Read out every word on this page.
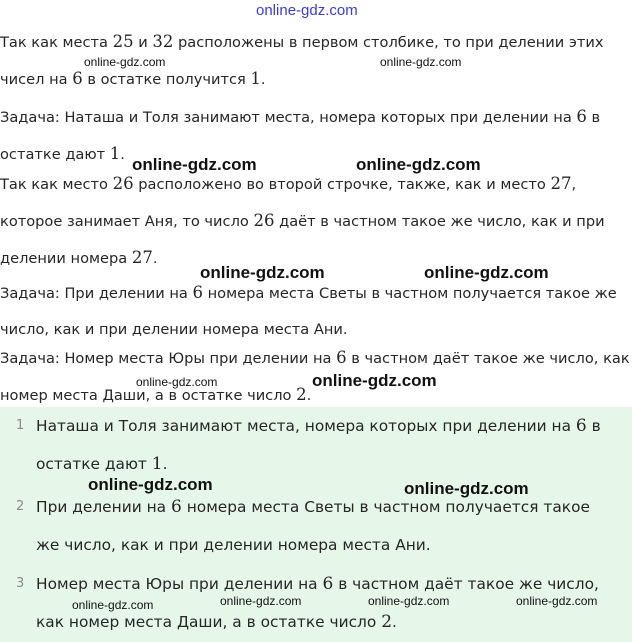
online-gdz.com
Так как места 25 и 32 расположены в первом столбике, то при делении этих
чисел на 6 в остатке получится 1.
Задача: Наташа и Толя занимают места, номера которых при делении на 6 в
остатке дают 1.
Так как место 26 расположено во второй строчке, также, как и место 27,
которое занимает Аня, то число 26 даёт в частном такое же число, как и при
делении номера 27.
Задача: При делении на 6 номера места Светы в частном получается такое же
число, как и при делении номера места Ани.
Задача: Номер места Юры при делении на 6 в частном даёт такое же число, как
номер места Даши, а в остатке число 2.
1 Наташа и Толя занимают места, номера которых при делении на 6 в
остатке дают 1.
2 При делении на 6 номера места Светы в частном получается такое
же число, как и при делении номера места Ани.
3 Номер места Юры при делении на 6 в частном даёт такое же число,
как номер места Даши, а в остатке число 2.
online-gdz.com	online-gdz.com
online-gdz.com	online-gdz.com
online-gdz.com	online-gdz.com
online-gdz.com	online-gdz.com
online-gdz.com	online-gdz.com
online-gdz.com	online-gdz.com	online-gdz.com	online-gdz.com
